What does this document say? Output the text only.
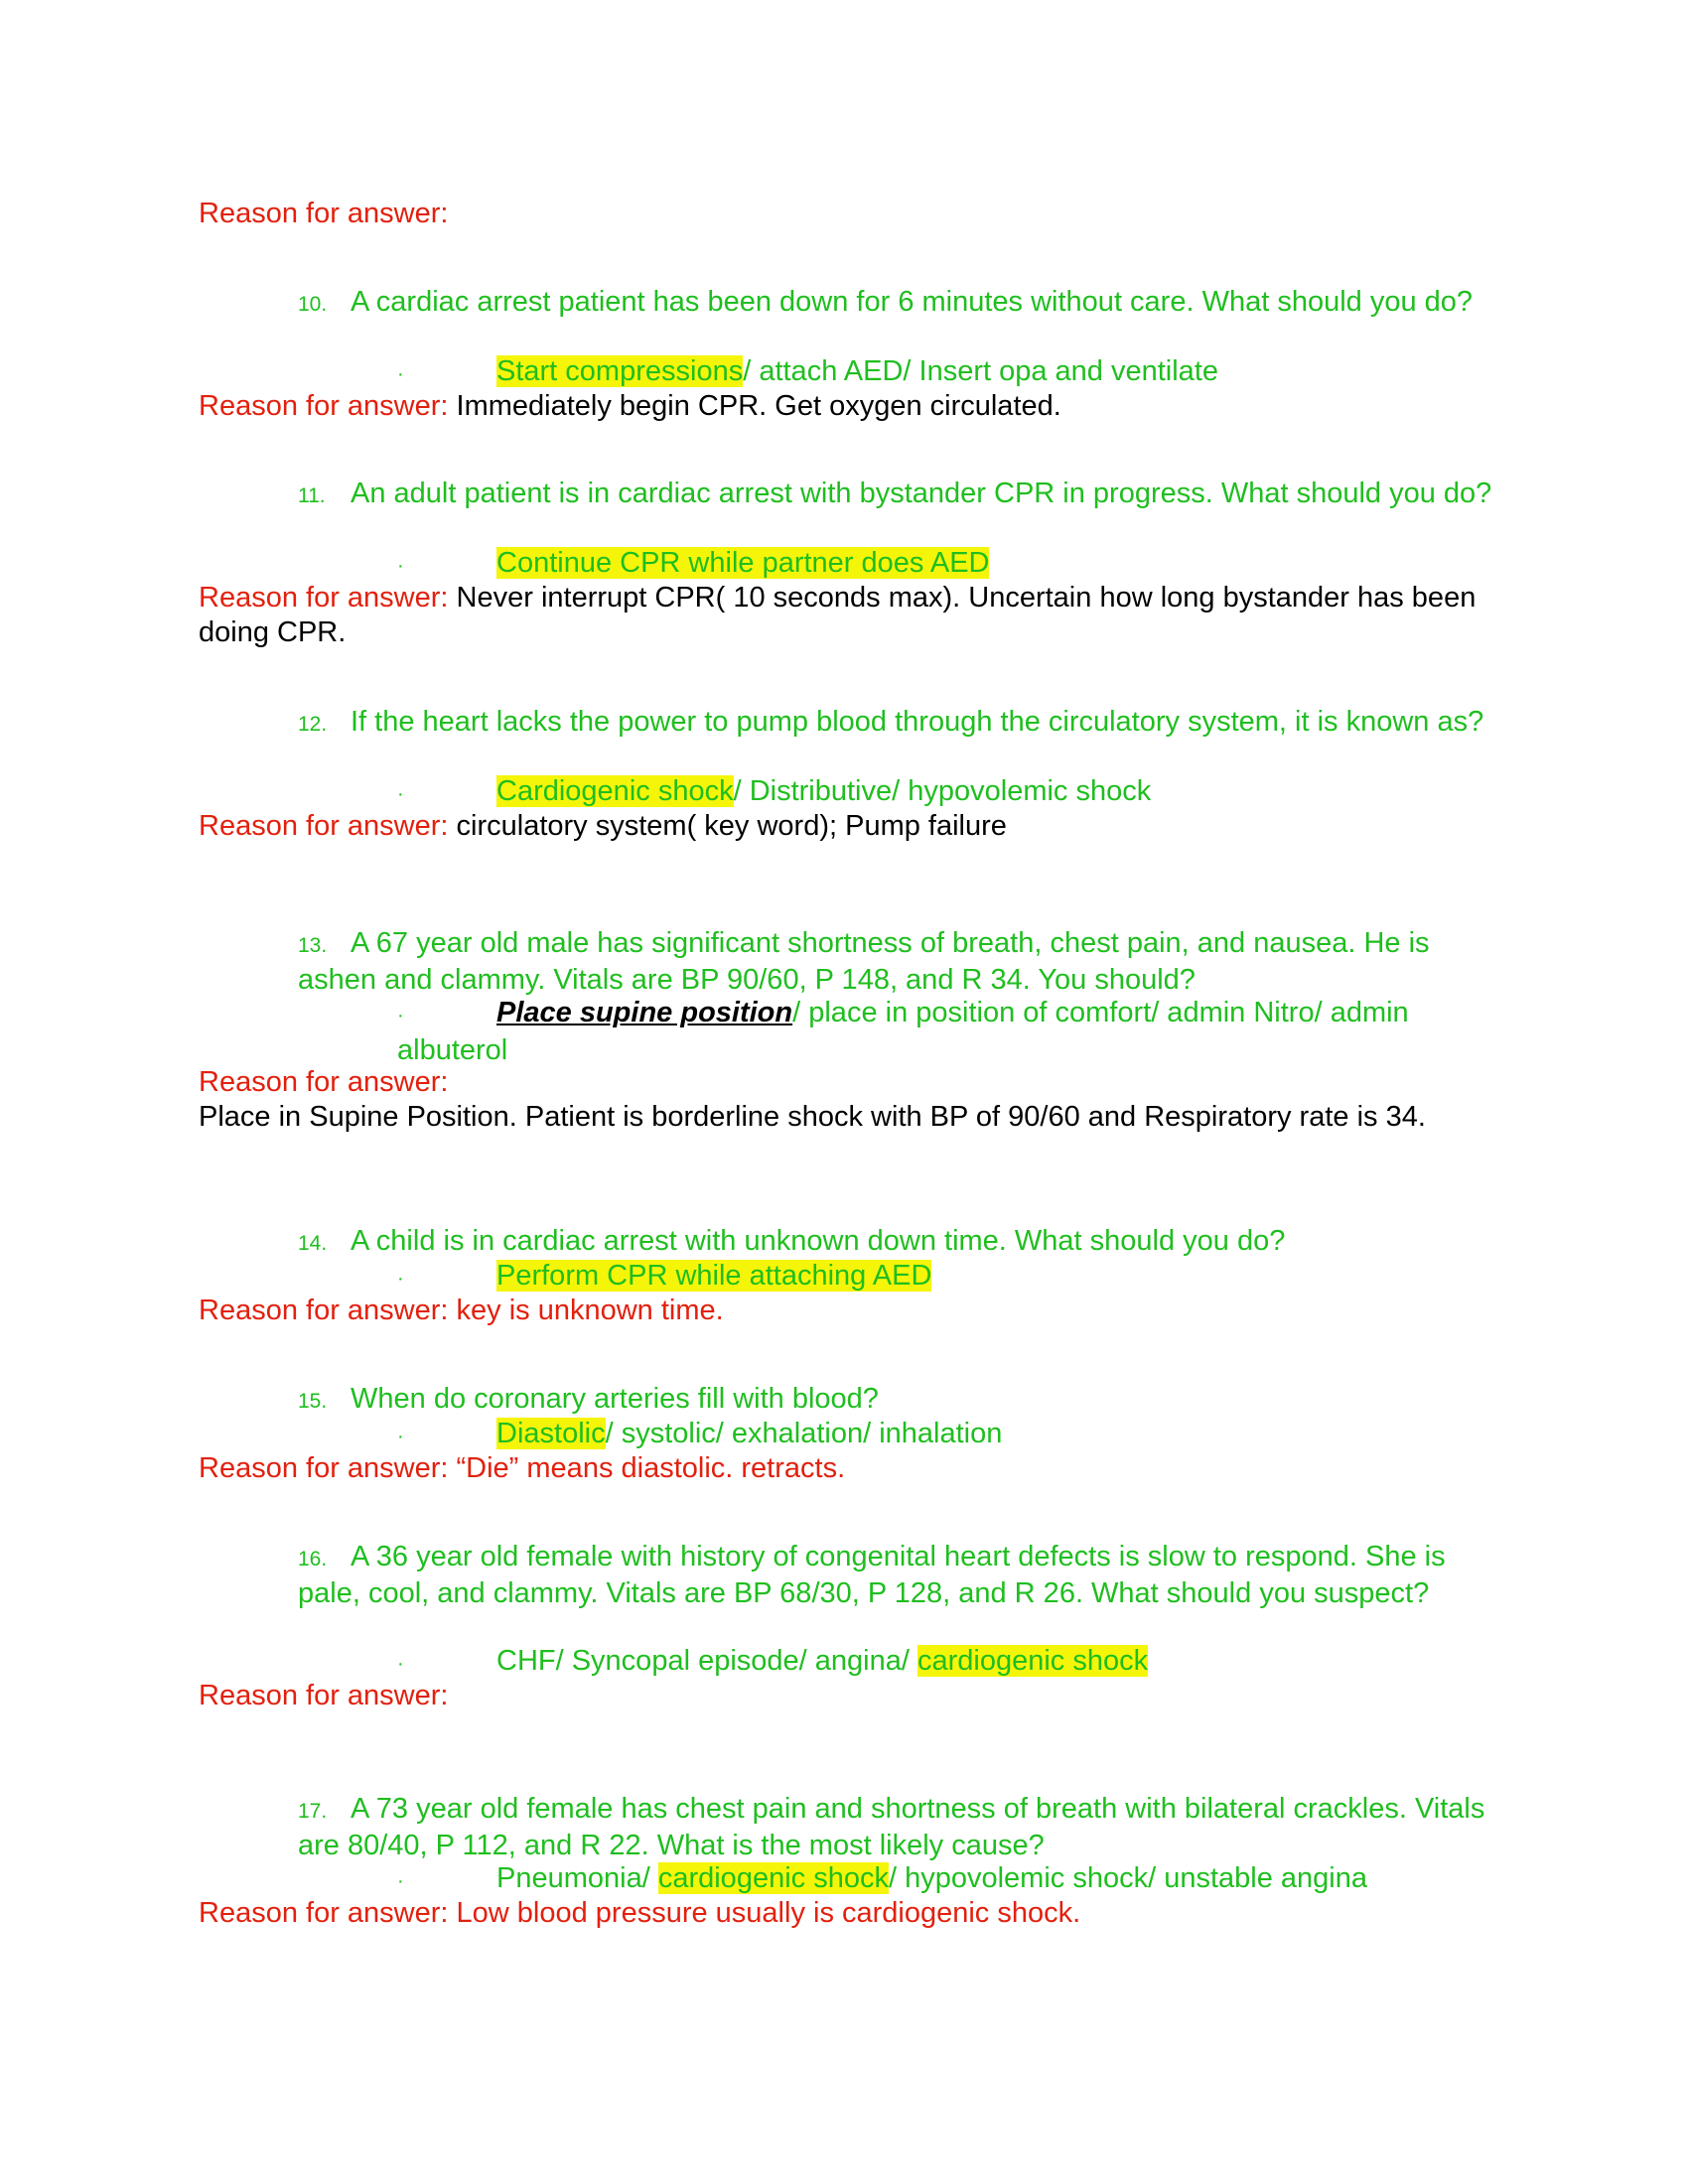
Reason for answer:

10. A cardiac arrest patient has been down for 6 minutes without care. What should you do?

·	Start compressions/ attach AED/ Insert opa and ventilate

Reason for answer: Immediately begin CPR. Get oxygen circulated.

11. An adult patient is in cardiac arrest with bystander CPR in progress. What should you do?

·	Continue CPR while partner does AED

Reason for answer: Never interrupt CPR( 10 seconds max). Uncertain how long bystander has been doing CPR.

12. If the heart lacks the power to pump blood through the circulatory system, it is known as?

·	Cardiogenic shock/ Distributive/ hypovolemic shock

Reason for answer: circulatory system( key word); Pump failure

13. A 67 year old male has significant shortness of breath, chest pain, and nausea. He is ashen and clammy. Vitals are BP 90/60, P 148, and R 34. You should?

·	Place supine position/ place in position of comfort/ admin Nitro/ admin albuterol

Reason for answer:

Place in Supine Position. Patient is borderline shock with BP of 90/60 and Respiratory rate is 34.

14. A child is in cardiac arrest with unknown down time. What should you do?

·	Perform CPR while attaching AED

Reason for answer: key is unknown time.

15. When do coronary arteries fill with blood?

·	Diastolic/ systolic/ exhalation/ inhalation

Reason for answer: “Die” means diastolic. retracts.

16. A 36 year old female with history of congenital heart defects is slow to respond. She is pale, cool, and clammy. Vitals are BP 68/30, P 128, and R 26. What should you suspect?

·	CHF/ Syncopal episode/ angina/ cardiogenic shock

Reason for answer:

17. A 73 year old female has chest pain and shortness of breath with bilateral crackles. Vitals are 80/40, P 112, and R 22. What is the most likely cause?

·	Pneumonia/ cardiogenic shock/ hypovolemic shock/ unstable angina

Reason for answer: Low blood pressure usually is cardiogenic shock.
